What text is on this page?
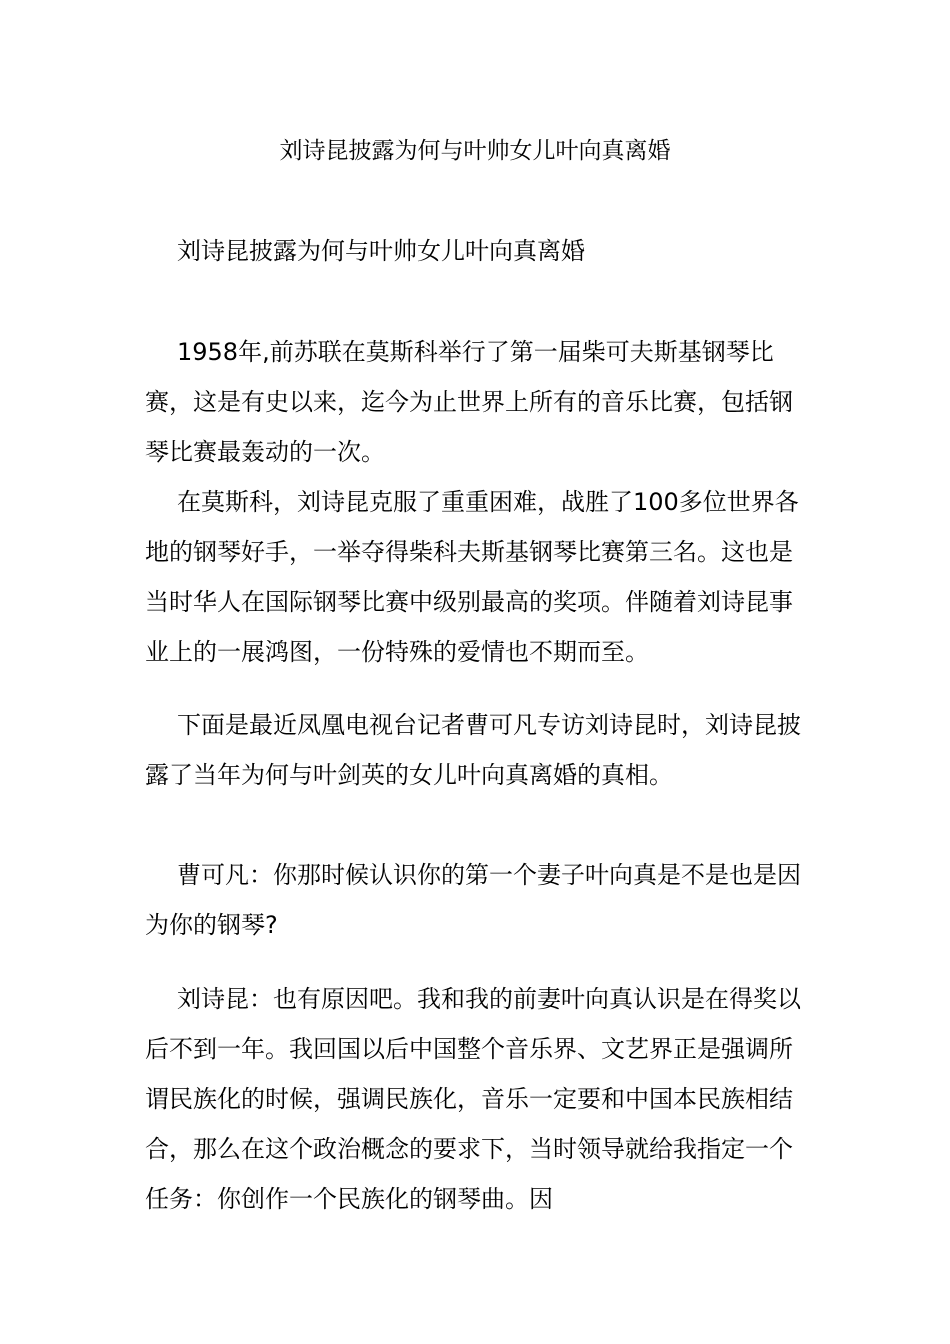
刘诗昆披露为何与叶帅女儿叶向真离婚

刘诗昆披露为何与叶帅女儿叶向真离婚

1958年,前苏联在莫斯科举行了第一届柴可夫斯基钢琴比赛，这是有史以来，迄今为止世界上所有的音乐比赛，包括钢琴比赛最轰动的一次。

在莫斯科，刘诗昆克服了重重困难，战胜了100多位世界各地的钢琴好手，一举夺得柴科夫斯基钢琴比赛第三名。这也是当时华人在国际钢琴比赛中级别最高的奖项。伴随着刘诗昆事业上的一展鸿图，一份特殊的爱情也不期而至。

下面是最近凤凰电视台记者曹可凡专访刘诗昆时，刘诗昆披露了当年为何与叶剑英的女儿叶向真离婚的真相。

曹可凡：你那时候认识你的第一个妻子叶向真是不是也是因为你的钢琴?

刘诗昆：也有原因吧。我和我的前妻叶向真认识是在得奖以后不到一年。我回国以后中国整个音乐界、文艺界正是强调所谓民族化的时候，强调民族化，音乐一定要和中国本民族相结合，那么在这个政治概念的要求下，当时领导就给我指定一个任务：你创作一个民族化的钢琴曲。因
